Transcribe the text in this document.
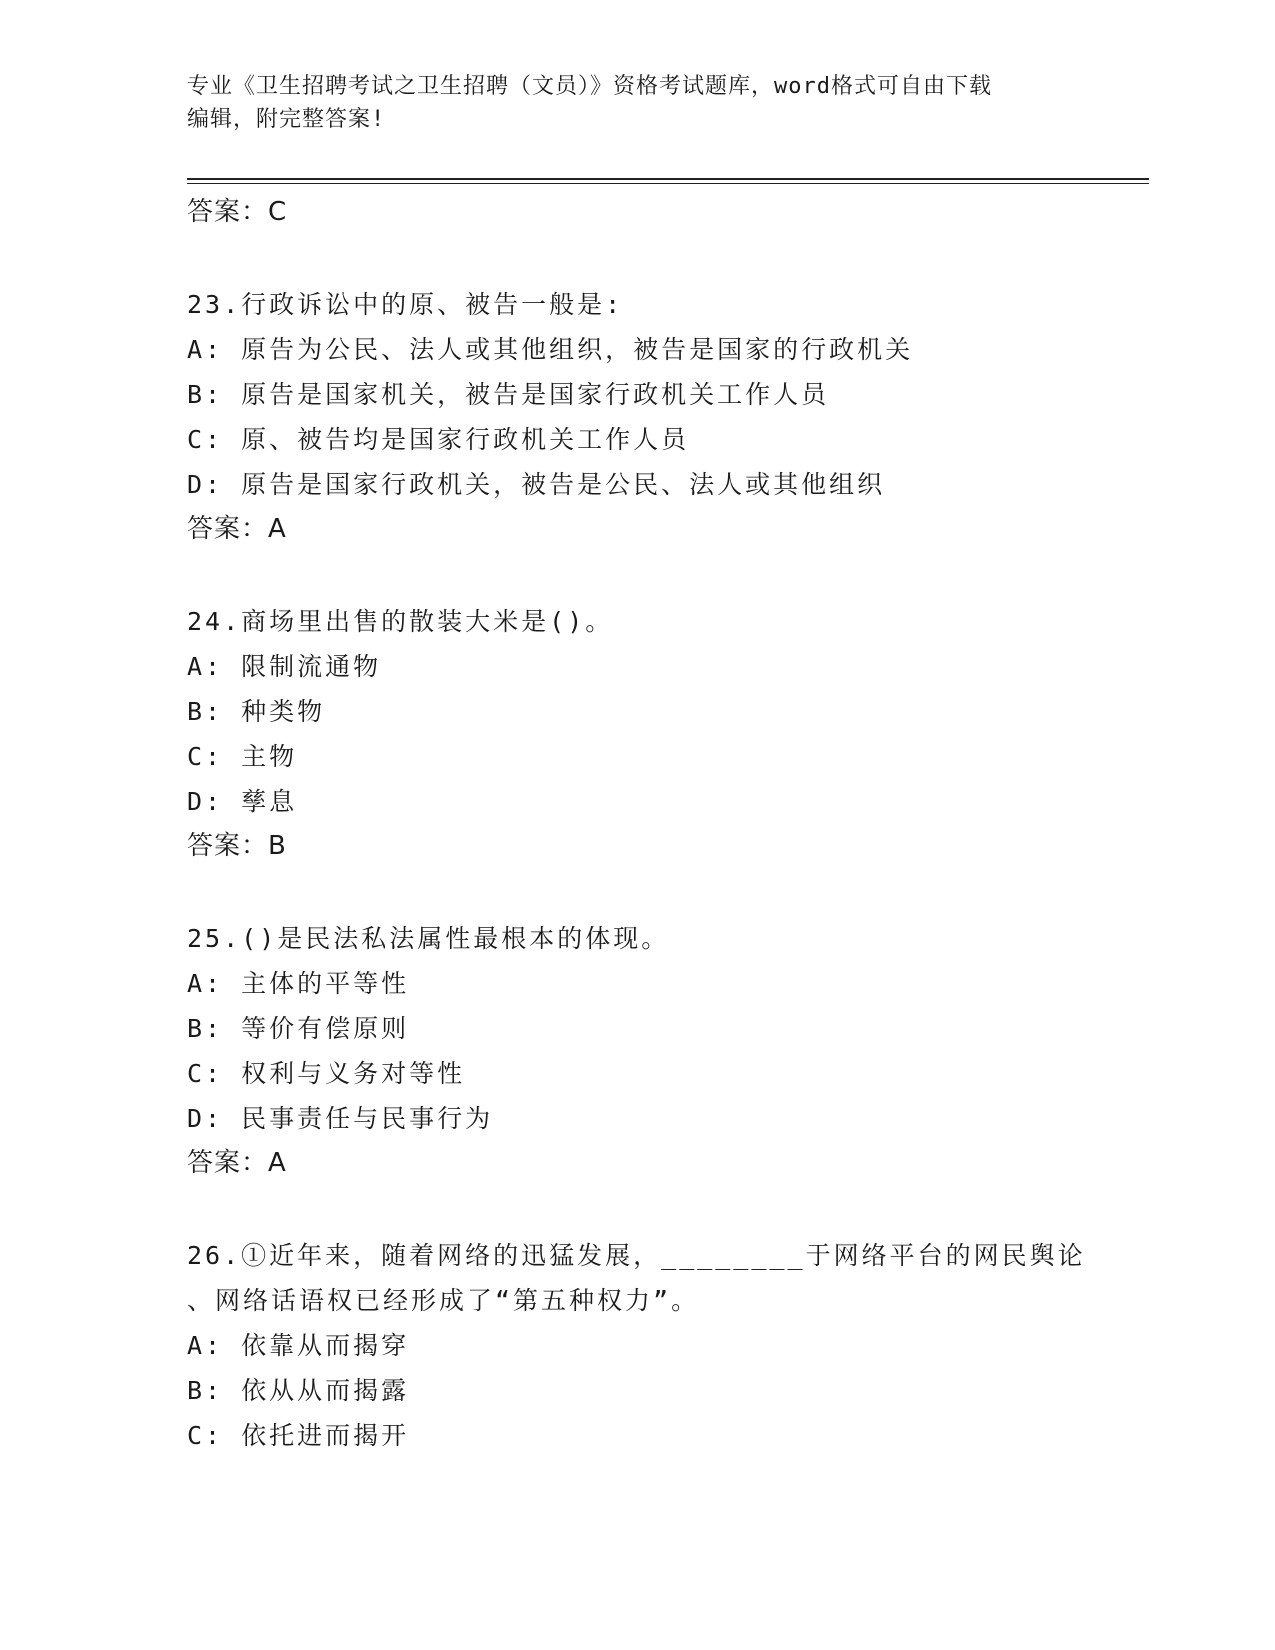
专业《卫生招聘考试之卫生招聘（文员）》资格考试题库，word格式可自由下载
编辑，附完整答案!
答案：C
23.行政诉讼中的原、被告一般是:
A: 原告为公民、法人或其他组织，被告是国家的行政机关
B: 原告是国家机关，被告是国家行政机关工作人员
C: 原、被告均是国家行政机关工作人员
D: 原告是国家行政机关，被告是公民、法人或其他组织
答案：A
24.商场里出售的散装大米是()。
A: 限制流通物
B: 种类物
C: 主物
D: 孳息
答案：B
25.()是民法私法属性最根本的体现。
A: 主体的平等性
B: 等价有偿原则
C: 权利与义务对等性
D: 民事责任与民事行为
答案：A
26.①近年来，随着网络的迅猛发展，________于网络平台的网民舆论
、网络话语权已经形成了“第五种权力”。
A: 依靠从而揭穿
B: 依从从而揭露
C: 依托进而揭开
